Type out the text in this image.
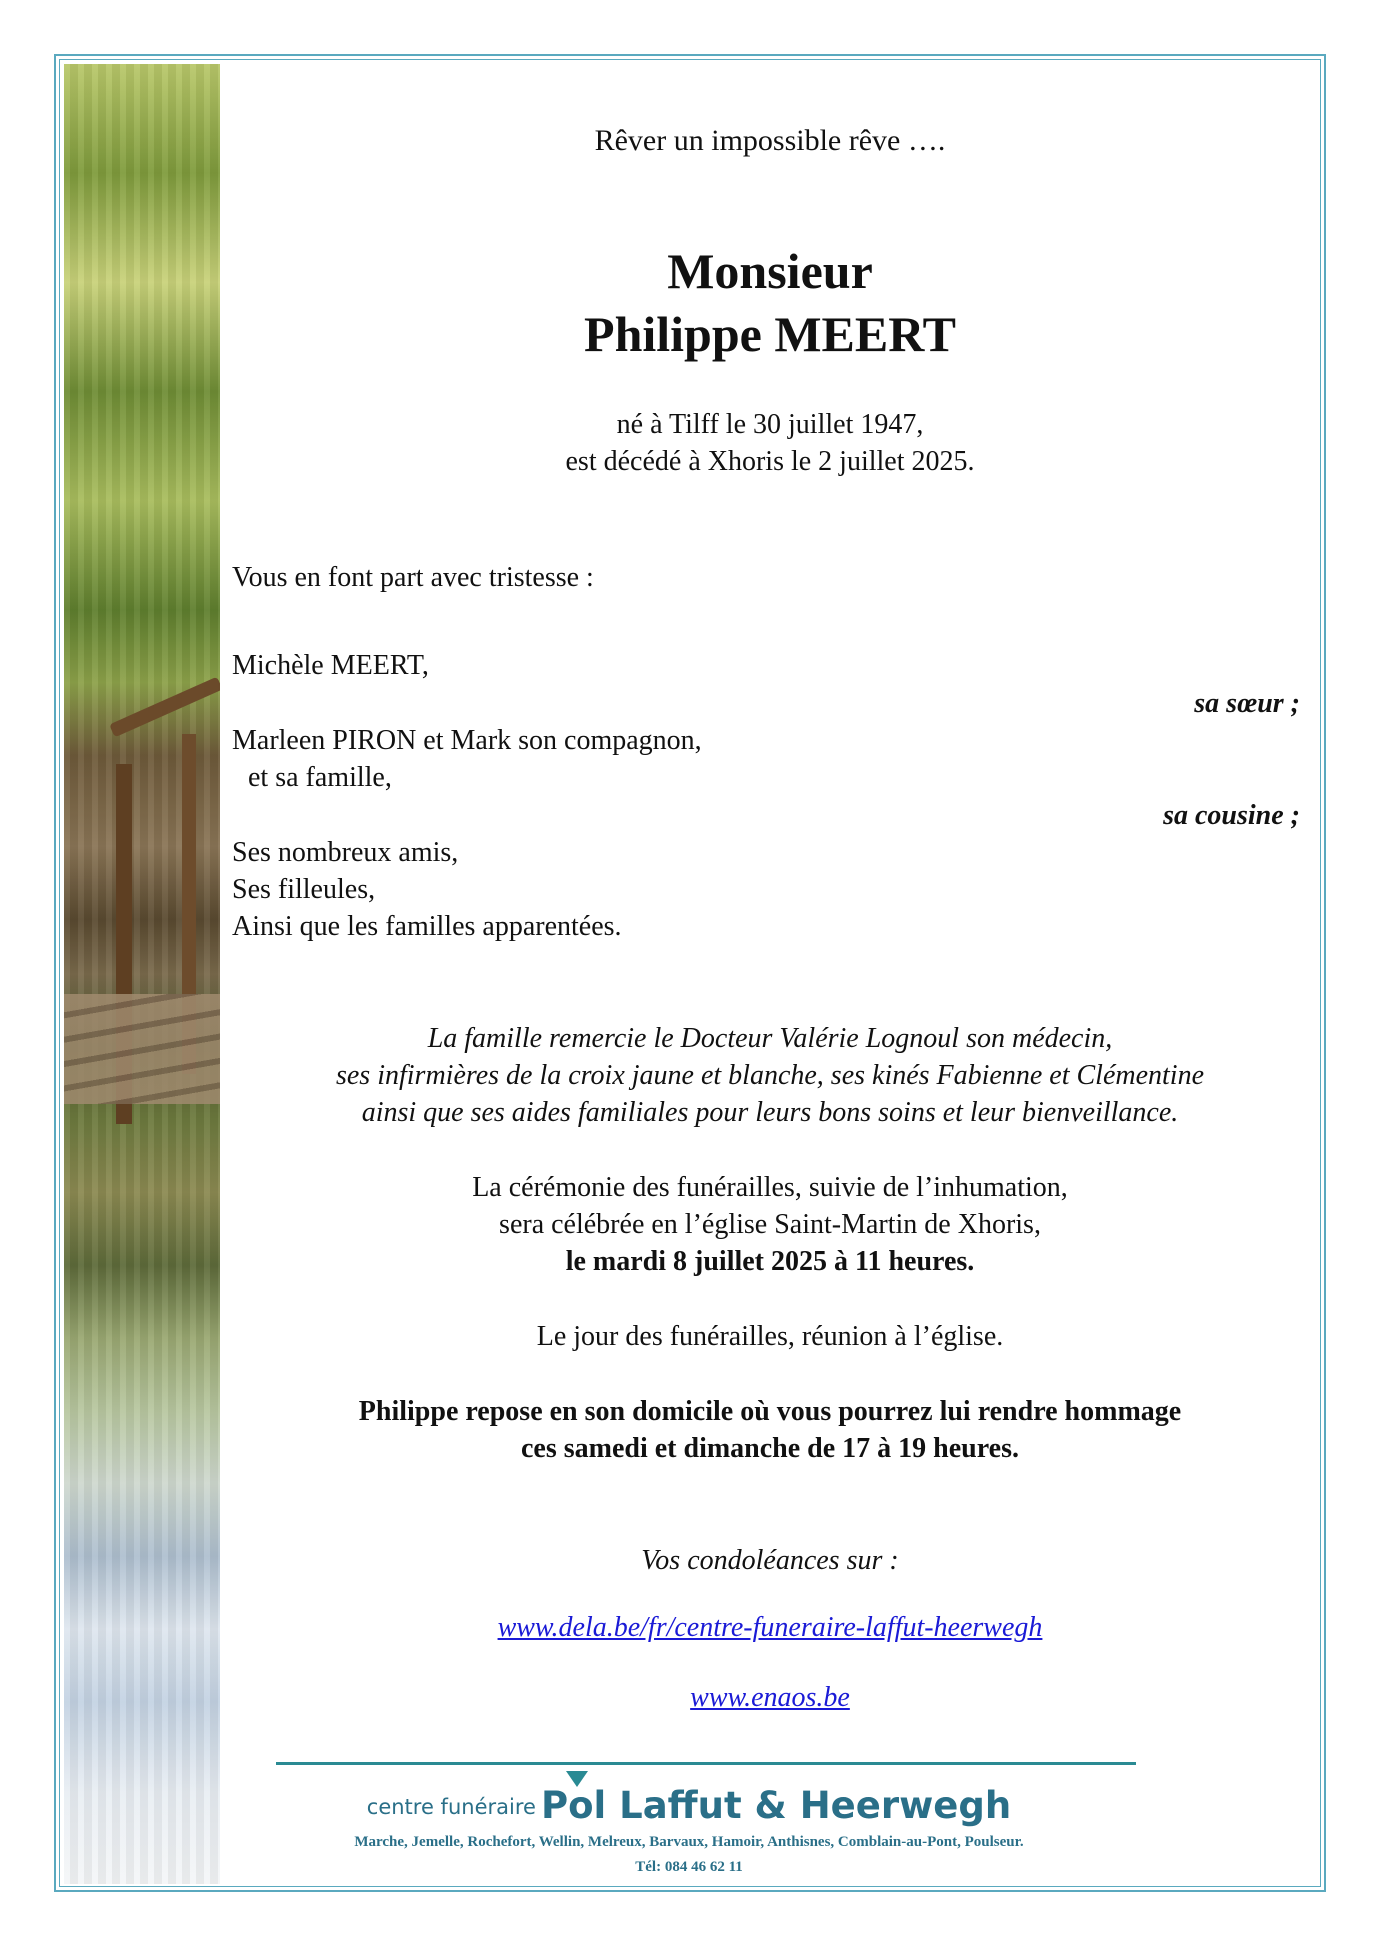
Rêver un impossible rêve ….
Monsieur
Philippe MEERT
né à Tilff le 30 juillet 1947,
est décédé à Xhoris le 2 juillet 2025.
Vous en font part avec tristesse :
Michèle MEERT,
sa sœur ;
Marleen PIRON et Mark son compagnon,
et sa famille,
sa cousine ;
Ses nombreux amis,
Ses filleules,
Ainsi que les familles apparentées.
La famille remercie le Docteur Valérie Lognoul son médecin,
ses infirmières de la croix jaune et blanche, ses kinés Fabienne et Clémentine
ainsi que ses aides familiales pour leurs bons soins et leur bienveillance.
La cérémonie des funérailles, suivie de l’inhumation,
sera célébrée en l’église Saint-Martin de Xhoris,
le mardi 8 juillet 2025 à 11 heures.
Le jour des funérailles, réunion à l’église.
Philippe repose en son domicile où vous pourrez lui rendre hommage
ces samedi et dimanche de 17 à 19 heures.
Vos condoléances sur :
www.dela.be/fr/centre-funeraire-laffut-heerwegh
www.enaos.be
centre funéraire Pol Laffut & Heerwegh
Marche, Jemelle, Rochefort, Wellin, Melreux, Barvaux, Hamoir, Anthisnes, Comblain-au-Pont, Poulseur.
Tél: 084 46 62 11
